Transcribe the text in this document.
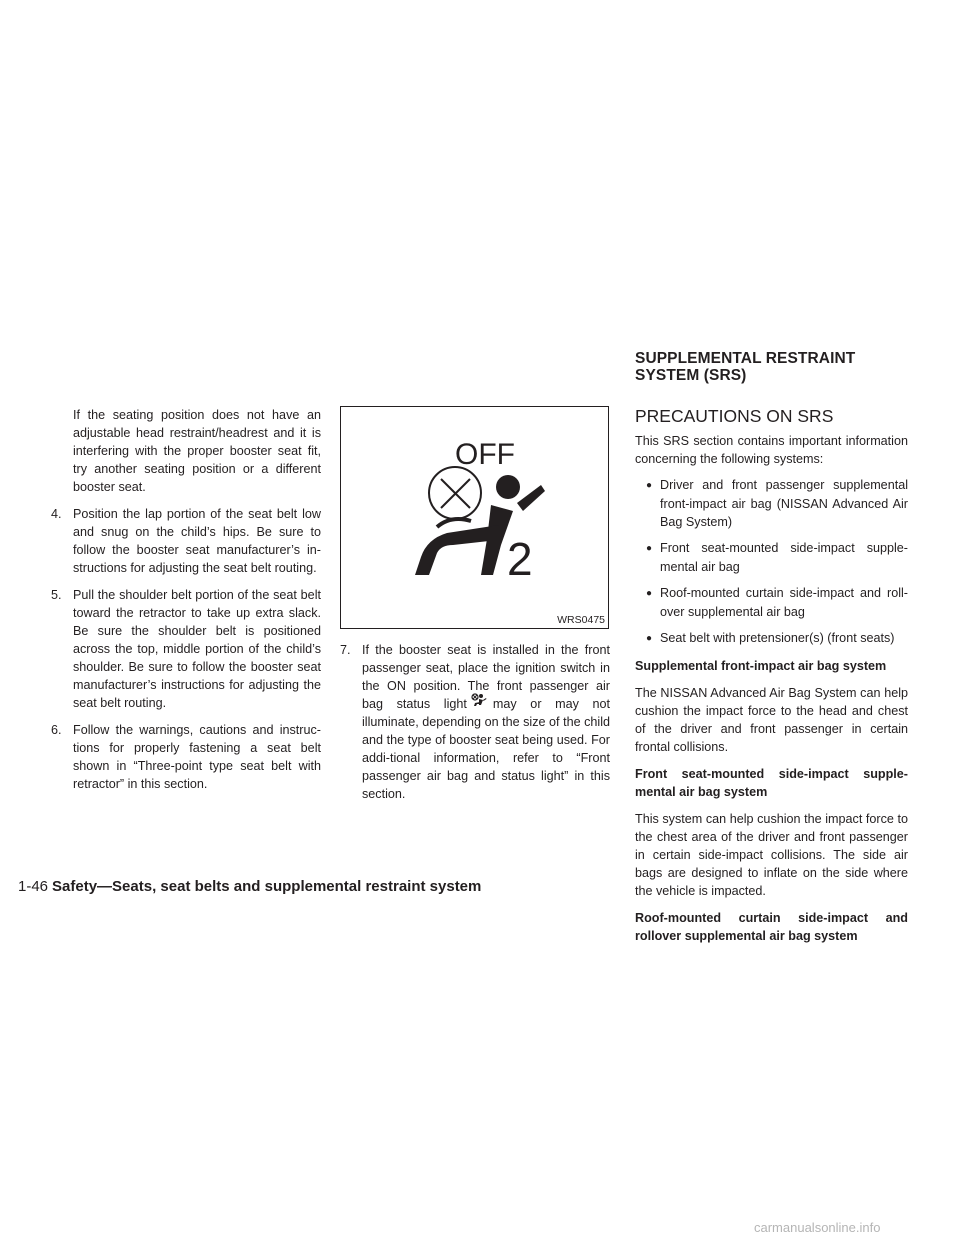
If the seating position does not have an adjustable head restraint/headrest and it is interfering with the proper booster seat fit, try another seating position or a different booster seat.

4. Position the lap portion of the seat belt low and snug on the child’s hips. Be sure to follow the booster seat manufacturer’s in-structions for adjusting the seat belt routing.

5. Pull the shoulder belt portion of the seat belt toward the retractor to take up extra slack. Be sure the shoulder belt is positioned across the top, middle portion of the child’s shoulder. Be sure to follow the booster seat manufacturer’s instructions for adjusting the seat belt routing.

6. Follow the warnings, cautions and instruc-tions for properly fastening a seat belt shown in “Three-point type seat belt with retractor” in this section.

OFF
2
WRS0475

7. If the booster seat is installed in the front passenger seat, place the ignition switch in the ON position. The front passenger air bag status light may or may not illuminate, depending on the size of the child and the type of booster seat being used. For addi-tional information, refer to “Front passenger air bag and status light” in this section.

SUPPLEMENTAL RESTRAINT SYSTEM (SRS)

PRECAUTIONS ON SRS

This SRS section contains important information concerning the following systems:

● Driver and front passenger supplemental front-impact air bag (NISSAN Advanced Air Bag System)

● Front seat-mounted side-impact supple-mental air bag

● Roof-mounted curtain side-impact and roll-over supplemental air bag

● Seat belt with pretensioner(s) (front seats)

Supplemental front-impact air bag system

The NISSAN Advanced Air Bag System can help cushion the impact force to the head and chest of the driver and front passenger in certain frontal collisions.

Front seat-mounted side-impact supple-mental air bag system

This system can help cushion the impact force to the chest area of the driver and front passenger in certain side-impact collisions. The side air bags are designed to inflate on the side where the vehicle is impacted.

Roof-mounted curtain side-impact and rollover supplemental air bag system

1-46 Safety—Seats, seat belts and supplemental restraint system
carmanualsonline.info
